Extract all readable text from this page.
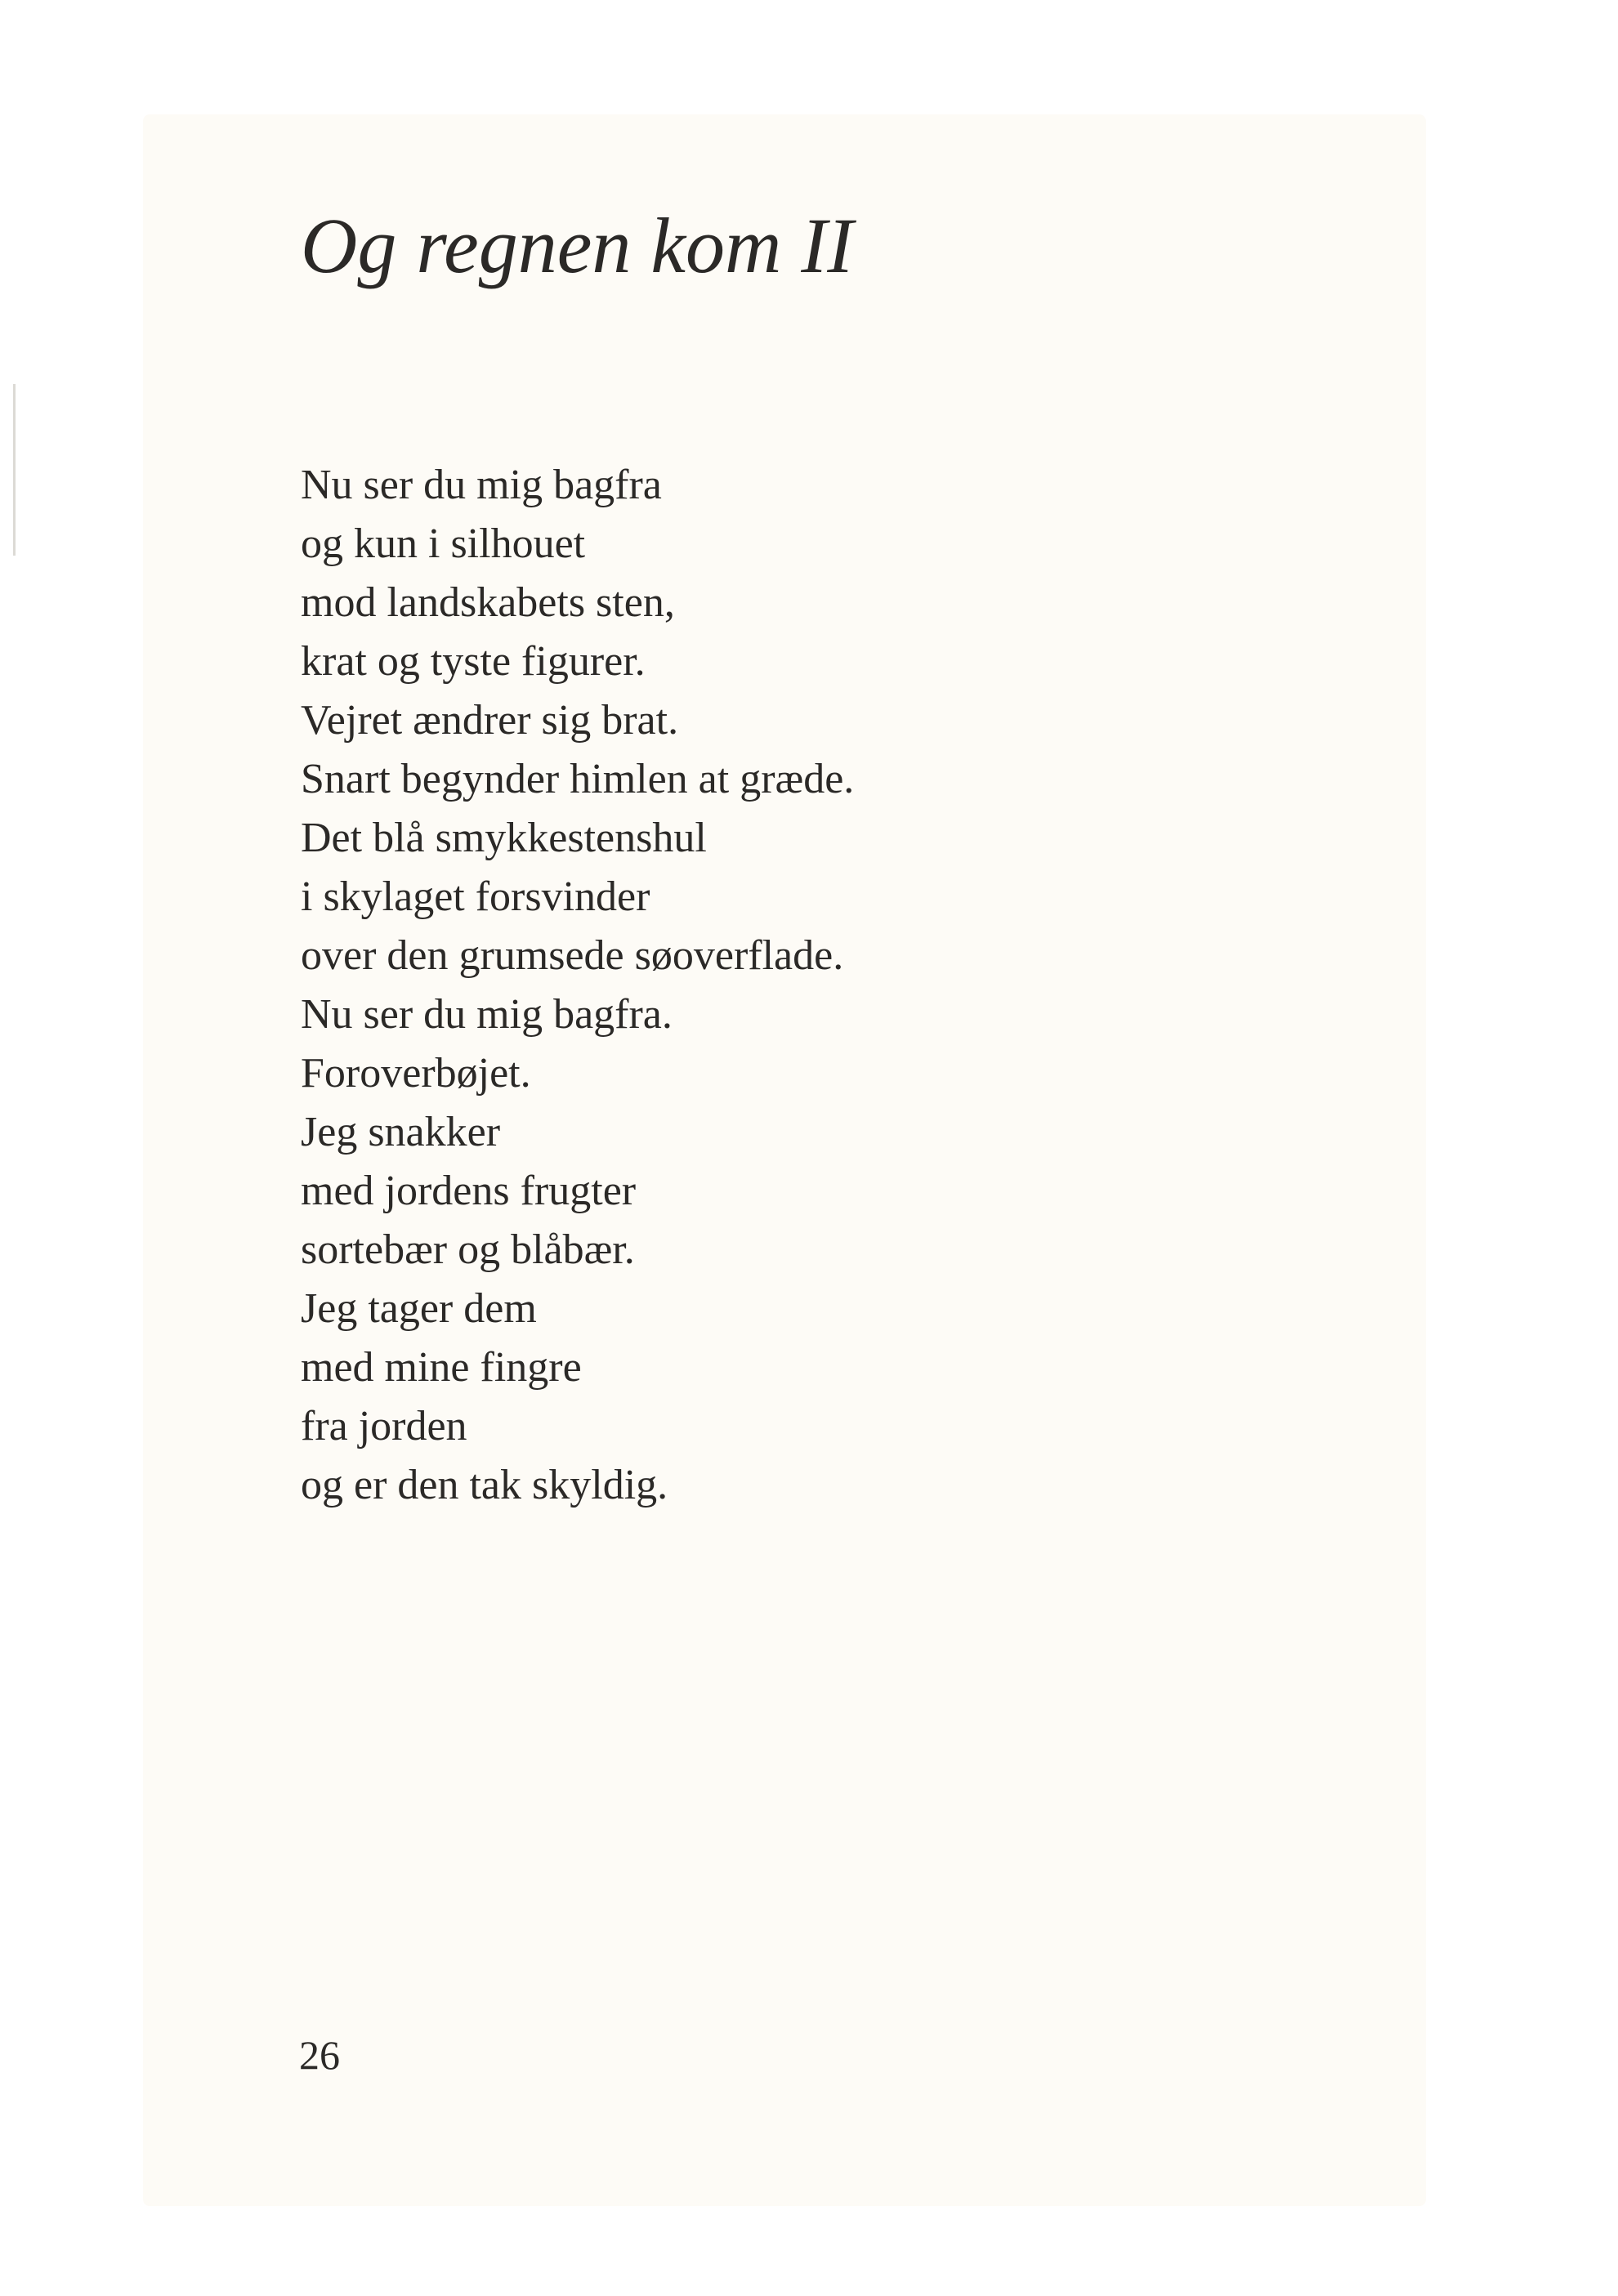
Og regnen kom II
Nu ser du mig bagfra
og kun i silhouet
mod landskabets sten,
krat og tyste figurer.
Vejret ændrer sig brat.
Snart begynder himlen at græde.
Det blå smykkestenshul
i skylaget forsvinder
over den grumsede søoverflade.
Nu ser du mig bagfra.
Foroverbøjet.
Jeg snakker
med jordens frugter
sortebær og blåbær.
Jeg tager dem
med mine fingre
fra jorden
og er den tak skyldig.
26
